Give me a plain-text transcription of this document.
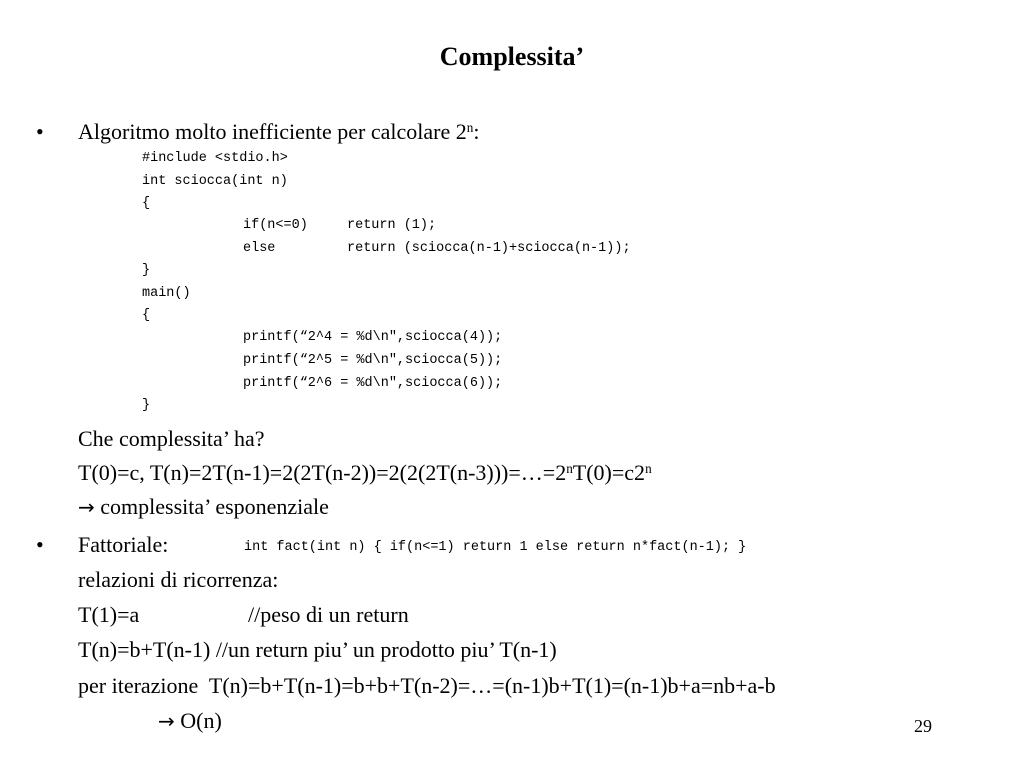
Complessita’
• Algoritmo molto inefficiente per calcolare 2$^n$:
#include <stdio.h>
int sciocca(int n)
{
if(n<=0)	return (1);
else	return (sciocca(n-1)+sciocca(n-1));
}
main()
{
printf(“2^4 = %d\n",sciocca(4));
printf(“2^5 = %d\n",sciocca(5));
printf(“2^6 = %d\n",sciocca(6));
}
Che complessita’ ha?
T(0)=c, $T(n)=2T(n-1)=2(2T(n-2))=2(2(2T(n-3)))=\dots=2^nT(0)=c2^n$
→ complessita’ esponenziale
• Fattoriale:	int fact(int n) { if(n<=1) return 1 else return n*fact(n-1); }
relazioni di ricorrenza:
T(1)=a	//peso di un return
T(n)=b+T(n-1) //un return piu’ un prodotto piu’ T(n-1)
per iterazione  T(n)=b+T(n-1)=b+b+T(n-2)=…=(n-1)b+T(1)=(n-1)b+a=nb+a-b
→ O(n)	29
